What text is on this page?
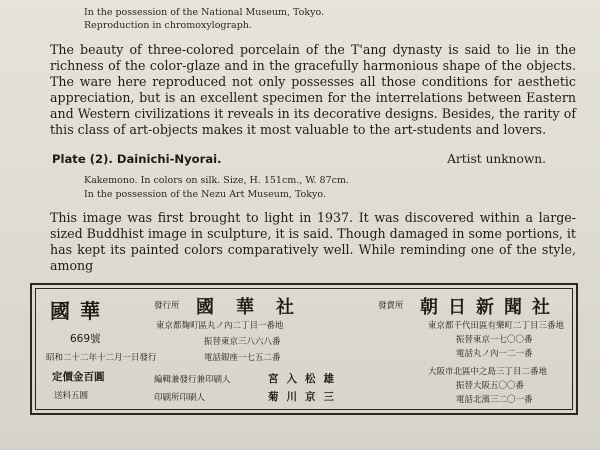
In the possession of the National Museum, Tokyo.
Reproduction in chromoxylograph.

The beauty of three-colored porcelain of the T'ang dynasty is said to lie in the richness of the color-glaze and in the gracefully harmonious shape of the objects. The ware here reproduced not only possesses all those conditions for aesthetic appreciation, but is an excellent specimen for the interrelations between Eastern and Western civilizations it reveals in its decorative designs. Besides, the rarity of this class of art-objects makes it most valuable to the art-students and lovers.

Plate (2). Dainichi-Nyorai.	Artist unknown.
Kakemono. In colors on silk. Size, H. 151cm., W. 87cm.
In the possession of the Nezu Art Museum, Tokyo.

This image was first brought to light in 1937. It was discovered within a large-sized Buddhist image in sculpture, it is said. Though damaged in some portions, it has kept its painted colors comparatively well. While reminding one of the style, among

國華
669號
昭和二十二年十二月一日發行
定價金百圓
送料五圓
發行所 國華社
東京都麹町區丸ノ內二丁目一番地
振替東京三八六八番
電話銀座一七五二番
編輯兼發行兼印刷人	宮入松雄
印刷所印刷人	菊川京三
發賣所 朝日新聞社
東京都千代田區有樂町二丁目三番地
振替東京一七〇〇番
電話丸ノ內一二一番
大阪市北區中之島三丁目二番地
振替大阪五〇〇番
電話北濱三二〇一番
